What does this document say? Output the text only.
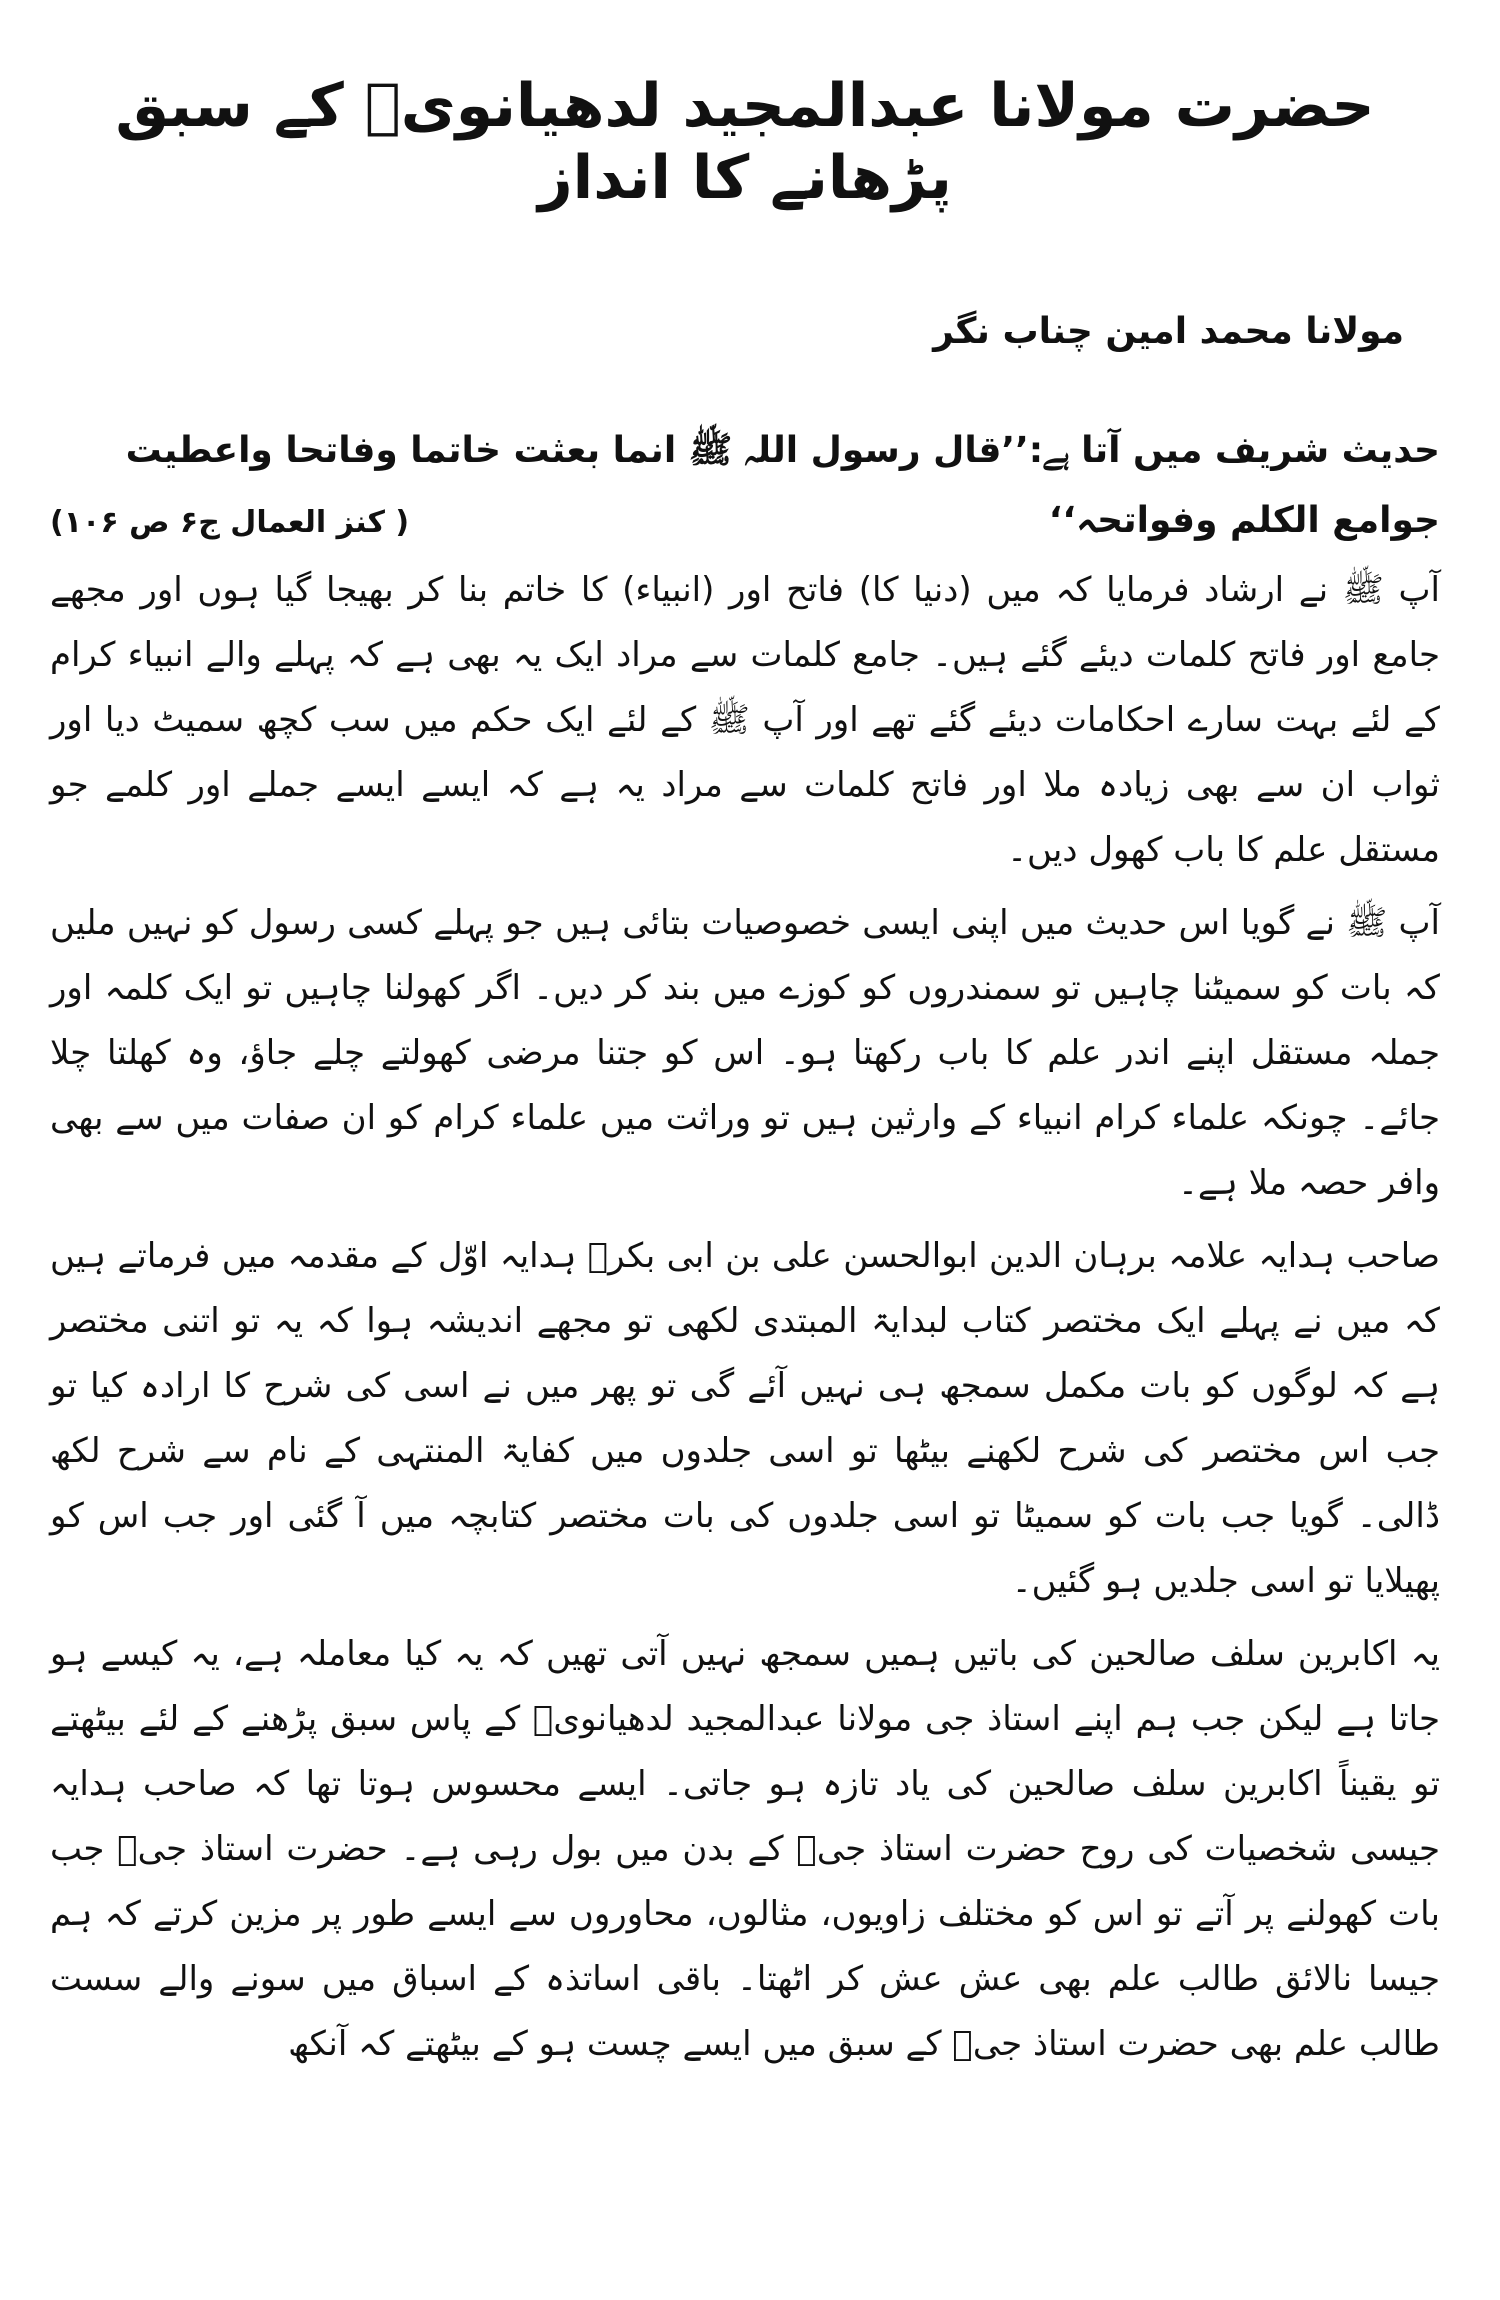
حضرت مولانا عبدالمجید لدھیانویؒ کے سبق پڑھانے کا انداز
مولانا محمد امین چناب نگر
حدیث شریف میں آتا ہے:’’قال رسول اللہ ﷺ انما بعثت خاتما وفاتحا واعطیت
جوامع الکلم وفواتحہ‘‘
( کنز العمال ج۶ ص ۱۰۶)

آپ ﷺ نے ارشاد فرمایا کہ میں (دنیا کا) فاتح اور (انبیاء) کا خاتم بنا کر بھیجا گیا ہوں اور مجھے جامع اور فاتح کلمات دیئے گئے ہیں۔ جامع کلمات سے مراد ایک یہ بھی ہے کہ پہلے والے انبیاء کرام کے لئے بہت سارے احکامات دیئے گئے تھے اور آپ ﷺ کے لئے ایک حکم میں سب کچھ سمیٹ دیا اور ثواب ان سے بھی زیادہ ملا اور فاتح کلمات سے مراد یہ ہے کہ ایسے ایسے جملے اور کلمے جو مستقل علم کا باب کھول دیں۔

آپ ﷺ نے گویا اس حدیث میں اپنی ایسی خصوصیات بتائی ہیں جو پہلے کسی رسول کو نہیں ملیں کہ بات کو سمیٹنا چاہیں تو سمندروں کو کوزے میں بند کر دیں۔ اگر کھولنا چاہیں تو ایک کلمہ اور جملہ مستقل اپنے اندر علم کا باب رکھتا ہو۔ اس کو جتنا مرضی کھولتے چلے جاؤ، وہ کھلتا چلا جائے۔ چونکہ علماء کرام انبیاء کے وارثین ہیں تو وراثت میں علماء کرام کو ان صفات میں سے بھی وافر حصہ ملا ہے۔

صاحب ہدایہ علامہ برہان الدین ابوالحسن علی بن ابی بکرؒ ہدایہ اوّل کے مقدمہ میں فرماتے ہیں کہ میں نے پہلے ایک مختصر کتاب لبدایۃ المبتدی لکھی تو مجھے اندیشہ ہوا کہ یہ تو اتنی مختصر ہے کہ لوگوں کو بات مکمل سمجھ ہی نہیں آئے گی تو پھر میں نے اسی کی شرح کا ارادہ کیا تو جب اس مختصر کی شرح لکھنے بیٹھا تو اسی جلدوں میں کفایۃ المنتہی کے نام سے شرح لکھ ڈالی۔ گویا جب بات کو سمیٹا تو اسی جلدوں کی بات مختصر کتابچہ میں آ گئی اور جب اس کو پھیلایا تو اسی جلدیں ہو گئیں۔

یہ اکابرین سلف صالحین کی باتیں ہمیں سمجھ نہیں آتی تھیں کہ یہ کیا معاملہ ہے، یہ کیسے ہو جاتا ہے لیکن جب ہم اپنے استاذ جی مولانا عبدالمجید لدھیانویؒ کے پاس سبق پڑھنے کے لئے بیٹھتے تو یقیناً اکابرین سلف صالحین کی یاد تازہ ہو جاتی۔ ایسے محسوس ہوتا تھا کہ صاحب ہدایہ جیسی شخصیات کی روح حضرت استاذ جیؒ کے بدن میں بول رہی ہے۔ حضرت استاذ جیؒ جب بات کھولنے پر آتے تو اس کو مختلف زاویوں، مثالوں، محاوروں سے ایسے طور پر مزین کرتے کہ ہم جیسا نالائق طالب علم بھی عش عش کر اٹھتا۔ باقی اساتذہ کے اسباق میں سونے والے سست طالب علم بھی حضرت استاذ جیؒ کے سبق میں ایسے چست ہو کے بیٹھتے کہ آنکھ
